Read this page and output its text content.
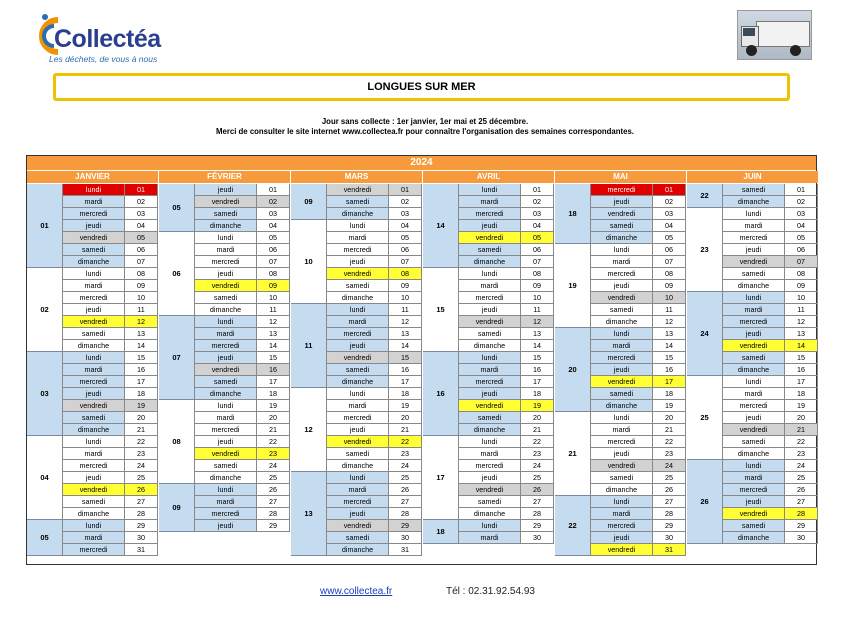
Collectéa
Les déchets, de vous à nous
LONGUES SUR MER
Jour sans collecte : 1er janvier, 1er mai et 25 décembre.
Merci de consulter le site internet www.collectea.fr pour connaître l'organisation des semaines correspondantes.
2024
JANVIER
01
lundi	01
mardi	02
mercredi	03
jeudi	04
vendredi	05
samedi	06
dimanche	07
02
lundi	08
mardi	09
mercredi	10
jeudi	11
vendredi	12
samedi	13
dimanche	14
03
lundi	15
mardi	16
mercredi	17
jeudi	18
vendredi	19
samedi	20
dimanche	21
04
lundi	22
mardi	23
mercredi	24
jeudi	25
vendredi	26
samedi	27
dimanche	28
05
lundi	29
mardi	30
mercredi	31
FÉVRIER
05
jeudi	01
vendredi	02
samedi	03
dimanche	04
06
lundi	05
mardi	06
mercredi	07
jeudi	08
vendredi	09
samedi	10
dimanche	11
07
lundi	12
mardi	13
mercredi	14
jeudi	15
vendredi	16
samedi	17
dimanche	18
08
lundi	19
mardi	20
mercredi	21
jeudi	22
vendredi	23
samedi	24
dimanche	25
09
lundi	26
mardi	27
mercredi	28
jeudi	29
MARS
09
vendredi	01
samedi	02
dimanche	03
10
lundi	04
mardi	05
mercredi	06
jeudi	07
vendredi	08
samedi	09
dimanche	10
11
lundi	11
mardi	12
mercredi	13
jeudi	14
vendredi	15
samedi	16
dimanche	17
12
lundi	18
mardi	19
mercredi	20
jeudi	21
vendredi	22
samedi	23
dimanche	24
13
lundi	25
mardi	26
mercredi	27
jeudi	28
vendredi	29
samedi	30
dimanche	31
AVRIL
14
lundi	01
mardi	02
mercredi	03
jeudi	04
vendredi	05
samedi	06
dimanche	07
15
lundi	08
mardi	09
mercredi	10
jeudi	11
vendredi	12
samedi	13
dimanche	14
16
lundi	15
mardi	16
mercredi	17
jeudi	18
vendredi	19
samedi	20
dimanche	21
17
lundi	22
mardi	23
mercredi	24
jeudi	25
vendredi	26
samedi	27
dimanche	28
18
lundi	29
mardi	30
MAI
18
mercredi	01
jeudi	02
vendredi	03
samedi	04
dimanche	05
19
lundi	06
mardi	07
mercredi	08
jeudi	09
vendredi	10
samedi	11
dimanche	12
20
lundi	13
mardi	14
mercredi	15
jeudi	16
vendredi	17
samedi	18
dimanche	19
21
lundi	20
mardi	21
mercredi	22
jeudi	23
vendredi	24
samedi	25
dimanche	26
22
lundi	27
mardi	28
mercredi	29
jeudi	30
vendredi	31
JUIN
22
samedi	01
dimanche	02
23
lundi	03
mardi	04
mercredi	05
jeudi	06
vendredi	07
samedi	08
dimanche	09
24
lundi	10
mardi	11
mercredi	12
jeudi	13
vendredi	14
samedi	15
dimanche	16
25
lundi	17
mardi	18
mercredi	19
jeudi	20
vendredi	21
samedi	22
dimanche	23
26
lundi	24
mardi	25
mercredi	26
jeudi	27
vendredi	28
samedi	29
dimanche	30
www.collectea.fr	Tél : 02.31.92.54.93
